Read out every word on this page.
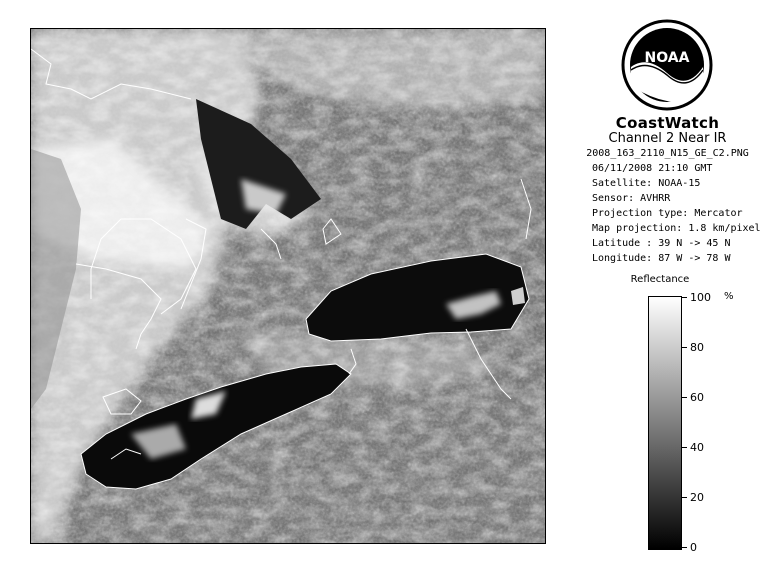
NOAA
CoastWatch
Channel 2 Near IR
2008_163_2110_N15_GE_C2.PNG
06/11/2008 21:10 GMT
Satellite: NOAA-15
Sensor: AVHRR
Projection type: Mercator
Map projection: 1.8 km/pixel
Latitude : 39 N -> 45 N
Longitude: 87 W -> 78 W
Reflectance
%
100
80
60
40
20
0
